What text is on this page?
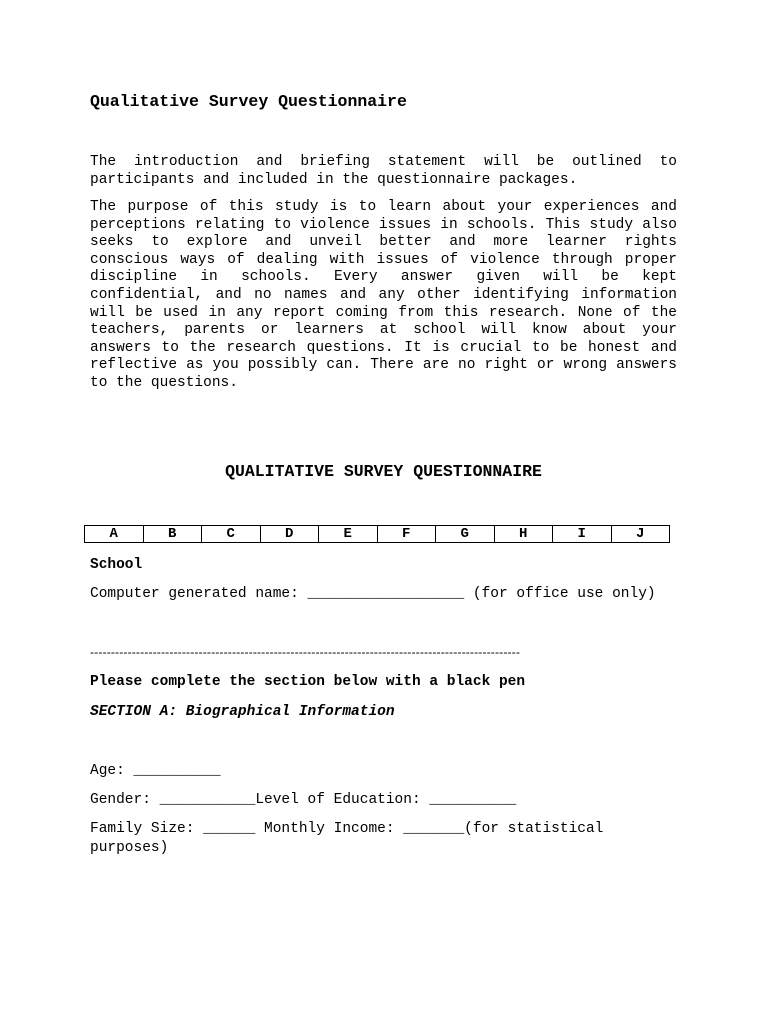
Qualitative Survey Questionnaire

The introduction and briefing statement will be outlined to participants and included in the questionnaire packages.

The purpose of this study is to learn about your experiences and perceptions relating to violence issues in schools. This study also seeks to explore and unveil better and more learner rights conscious ways of dealing with issues of violence through proper discipline in schools. Every answer given will be kept confidential, and no names and any other identifying information will be used in any report coming from this research. None of the teachers, parents or learners at school will know about your answers to the research questions. It is crucial to be honest and reflective as you possibly can. There are no right or wrong answers to the questions.

QUALITATIVE SURVEY QUESTIONNAIRE
A	B	C	D	E	F	G	H	I	J

School

Computer generated name: __________________ (for office use only)

-------------------------------------------------------------------------------------------------------

Please complete the section below with a black pen

SECTION A: Biographical Information

Age: __________

Gender: ___________Level of Education: __________

Family Size: ______ Monthly Income: _______(for statistical purposes)
